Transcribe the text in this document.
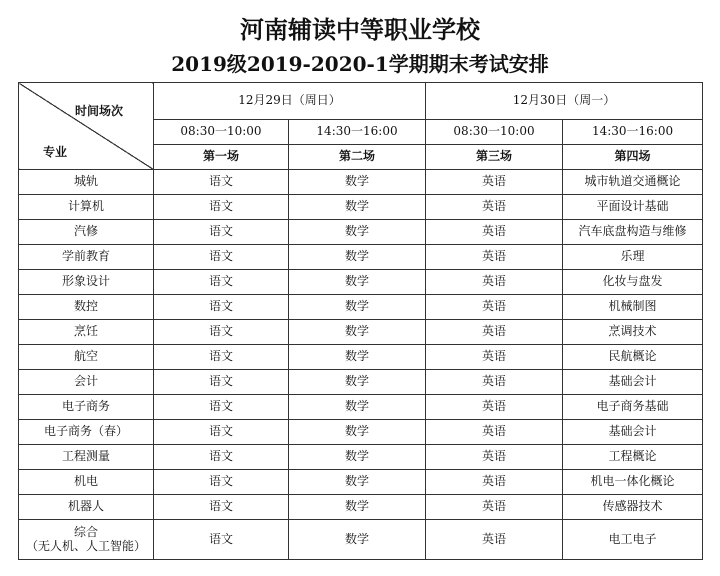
河南辅读中等职业学校
2019级2019-2020-1学期期末考试安排
时间场次
专业	12月29日（周日）		12月30日（周一）	
	08:30一10:00	14:30一16:00	08:30一10:00	14:30一16:00
	第一场	第二场	第三场	第四场
城轨	语文	数学	英语	城市轨道交通概论
计算机	语文	数学	英语	平面设计基础
汽修	语文	数学	英语	汽车底盘构造与维修
学前教育	语文	数学	英语	乐理
形象设计	语文	数学	英语	化妆与盘发
数控	语文	数学	英语	机械制图
烹饪	语文	数学	英语	烹调技术
航空	语文	数学	英语	民航概论
会计	语文	数学	英语	基础会计
电子商务	语文	数学	英语	电子商务基础
电子商务（春）	语文	数学	英语	基础会计
工程测量	语文	数学	英语	工程概论
机电	语文	数学	英语	机电一体化概论
机器人	语文	数学	英语	传感器技术

综合
（无人机、人工智能）	语文	数学	英语	电工电子
